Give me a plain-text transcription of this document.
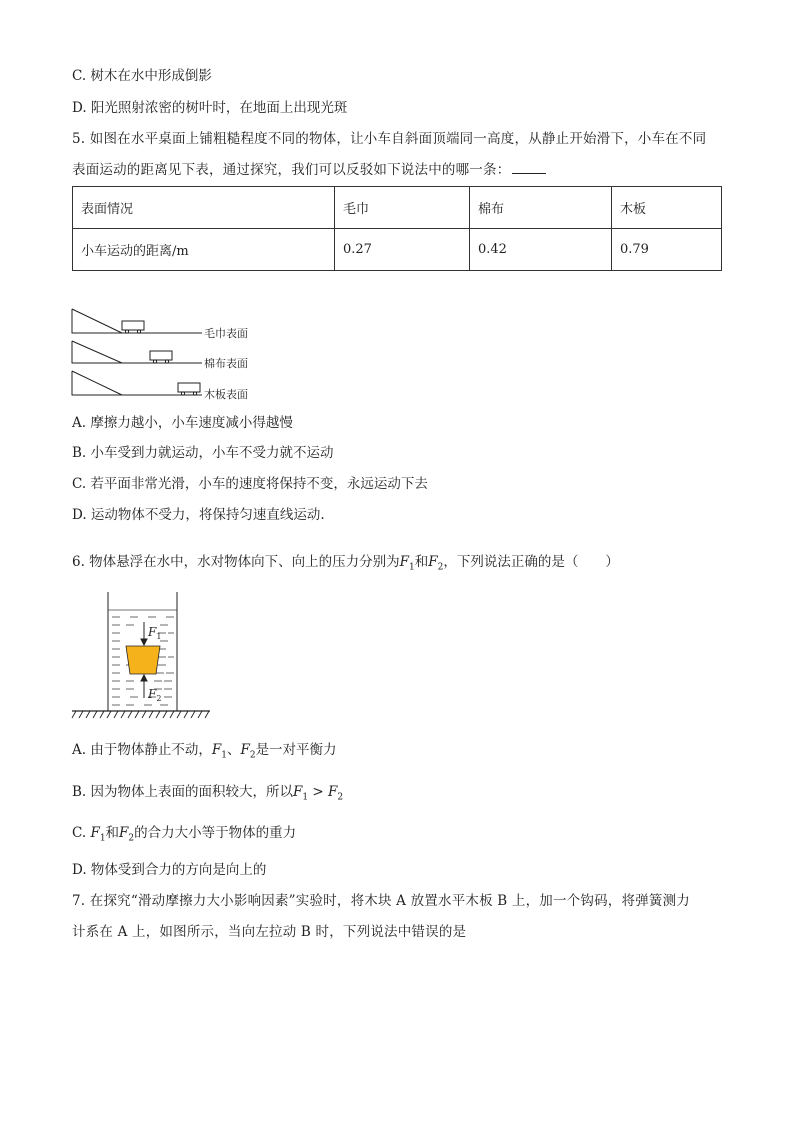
C. 树木在水中形成倒影
D. 阳光照射浓密的树叶时，在地面上出现光斑
5. 如图在水平桌面上铺粗糙程度不同的物体，让小车自斜面顶端同一高度，从静止开始滑下，小车在不同
表面运动的距离见下表，通过探究，我们可以反驳如下说法中的哪一条：
表面情况	毛巾	棉布	木板
小车运动的距离/m	0.27	0.42	0.79
毛巾表面
棉布表面
木板表面
A. 摩擦力越小，小车速度减小得越慢
B. 小车受到力就运动，小车不受力就不运动
C. 若平面非常光滑，小车的速度将保持不变，永远运动下去
D. 运动物体不受力，将保持匀速直线运动.
6. 物体悬浮在水中，水对物体向下、向上的压力分别为$F_1$和$F_2$，下列说法正确的是（　　）
$F_1$
$F_2$
A. 由于物体静止不动，$F_1$、$F_2$是一对平衡力
B. 因为物体上表面的面积较大，所以$F_1 > F_2$
C. $F_1$和$F_2$的合力大小等于物体的重力
D. 物体受到合力的方向是向上的
7. 在探究“滑动摩擦力大小影响因素”实验时，将木块 A 放置水平木板 B 上，加一个钩码，将弹簧测力
计系在 A 上，如图所示，当向左拉动 B 时，下列说法中错误的是
